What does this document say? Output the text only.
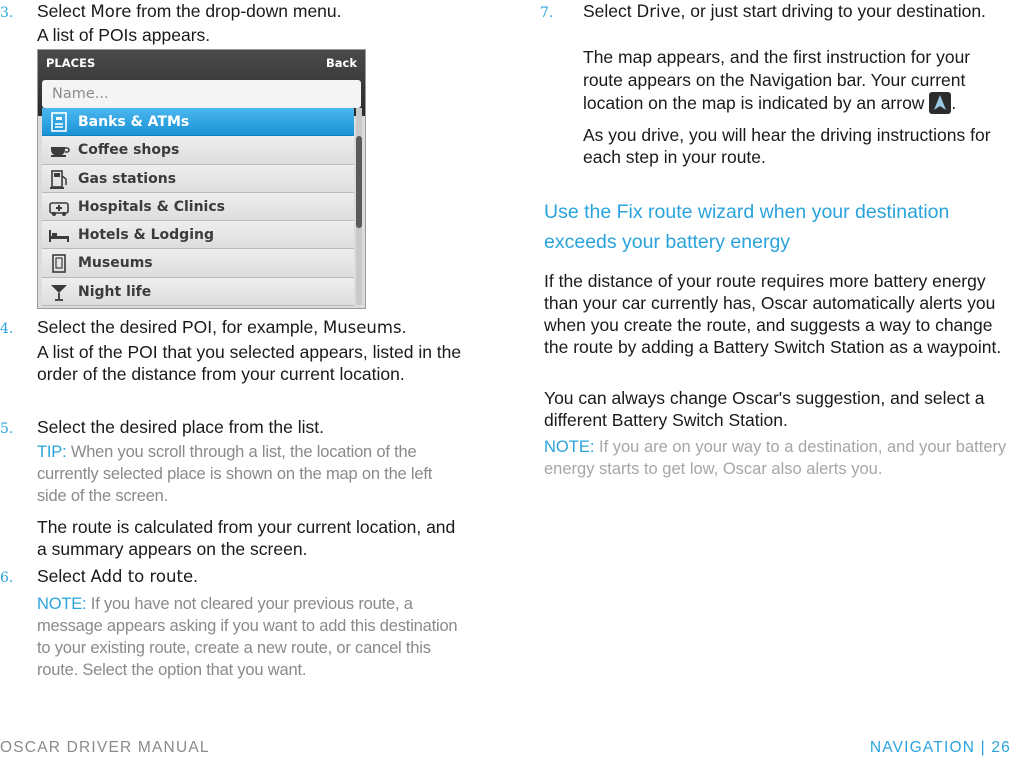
3. Select More from the drop-down menu.
A list of POIs appears.
PLACES	Back
Name...
Banks & ATMs
Coffee shops
Gas stations
Hospitals & Clinics
Hotels & Lodging
Museums
Night life
4. Select the desired POI, for example, Museums.
A list of the POI that you selected appears, listed in the order of the distance from your current location.
5. Select the desired place from the list.
TIP: When you scroll through a list, the location of the currently selected place is shown on the map on the left side of the screen.
The route is calculated from your current location, and a summary appears on the screen.
6. Select Add to route.
NOTE: If you have not cleared your previous route, a message appears asking if you want to add this destination to your existing route, create a new route, or cancel this route. Select the option that you want.
7. Select Drive, or just start driving to your destination.
The map appears, and the first instruction for your route appears on the Navigation bar. Your current location on the map is indicated by an arrow
.
As you drive, you will hear the driving instructions for each step in your route.
Use the Fix route wizard when your destination exceeds your battery energy
If the distance of your route requires more battery energy than your car currently has, Oscar automatically alerts you when you create the route, and suggests a way to change the route by adding a Battery Switch Station as a waypoint.
You can always change Oscar's suggestion, and select a different Battery Switch Station.
NOTE: If you are on your way to a destination, and your battery energy starts to get low, Oscar also alerts you.
OSCAR DRIVER MANUAL	NAVIGATION | 26
